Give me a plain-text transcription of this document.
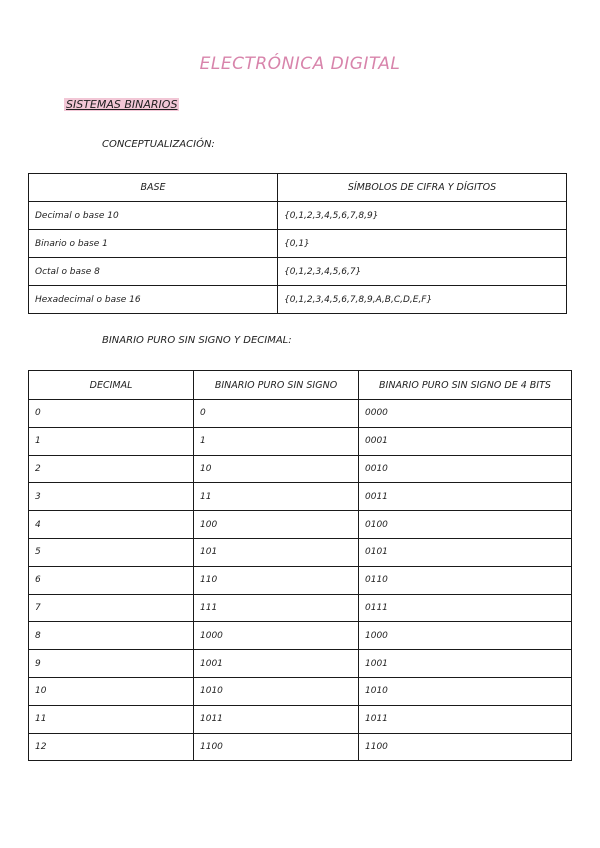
ELECTRÓNICA DIGITAL
SISTEMAS BINARIOS
CONCEPTUALIZACIÓN:
BASE	SÍMBOLOS DE CIFRA Y DÍGITOS
Decimal o base 10	{0,1,2,3,4,5,6,7,8,9}
Binario o base 1	{0,1}
Octal o base 8	{0,1,2,3,4,5,6,7}
Hexadecimal o base 16	{0,1,2,3,4,5,6,7,8,9,A,B,C,D,E,F}
BINARIO PURO SIN SIGNO Y DECIMAL:
DECIMAL	BINARIO PURO SIN SIGNO	BINARIO PURO SIN SIGNO DE 4 BITS
0	0	0000
1	1	0001
2	10	0010
3	11	0011
4	100	0100
5	101	0101
6	110	0110
7	111	0111
8	1000	1000
9	1001	1001
10	1010	1010
11	1011	1011
12	1100	1100
